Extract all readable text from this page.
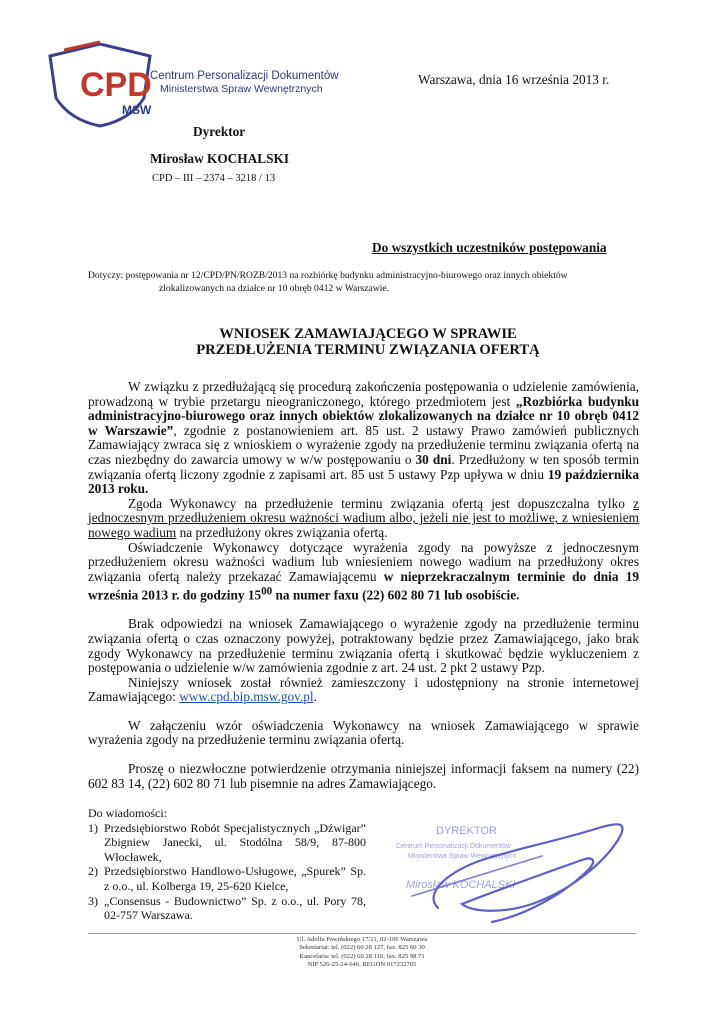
CPD
MSW
Centrum Personalizacji Dokumentów
Ministerstwa Spraw Wewnętrznych
Warszawa, dnia 16 września 2013 r.
Dyrektor
Mirosław KOCHALSKI
CPD – III – 2374 – 3218 / 13
Do wszystkich uczestników postępowania
Dotyczy: postępowania nr 12/CPD/PN/ROZB/2013 na rozbiórkę budynku administracyjno-biurowego oraz innych obiektów
zlokalizowanych na działce nr 10 obręb 0412 w Warszawie.
WNIOSEK ZAMAWIAJĄCEGO W SPRAWIE
PRZEDŁUŻENIA TERMINU ZWIĄZANIA OFERTĄ

W związku z przedłużającą się procedurą zakończenia postępowania o udzielenie zamówienia, prowadzoną w trybie przetargu nieograniczonego, którego przedmiotem jest „Rozbiórka budynku administracyjno-biurowego oraz innych obiektów zlokalizowanych na działce nr 10 obręb 0412 w Warszawie”, zgodnie z postanowieniem art. 85 ust. 2 ustawy Prawo zamówień publicznych Zamawiający zwraca się z wnioskiem o wyrażenie zgody na przedłużenie terminu związania ofertą na czas niezbędny do zawarcia umowy w w/w postępowaniu o 30 dni. Przedłużony w ten sposób termin związania ofertą liczony zgodnie z zapisami art. 85 ust 5 ustawy Pzp upływa w dniu 19 października 2013 roku.

Zgoda Wykonawcy na przedłużenie terminu związania ofertą jest dopuszczalna tylko z jednoczesnym przedłużeniem okresu ważności wadium albo, jeżeli nie jest to możliwe, z wniesieniem nowego wadium na przedłużony okres związania ofertą.

Oświadczenie Wykonawcy dotyczące wyrażenia zgody na powyższe z jednoczesnym przedłużeniem okresu ważności wadium lub wniesieniem nowego wadium na przedłużony okres związania ofertą należy przekazać Zamawiającemu w nieprzekraczalnym terminie do dnia 19 września 2013 r. do godziny $15^{00}$ na numer faxu (22) 602 80 71 lub osobiście.

Brak odpowiedzi na wniosek Zamawiającego o wyrażenie zgody na przedłużenie terminu związania ofertą o czas oznaczony powyżej, potraktowany będzie przez Zamawiającego, jako brak zgody Wykonawcy na przedłużenie terminu związania ofertą i skutkować będzie wykluczeniem z postępowania o udzielenie w/w zamówienia zgodnie z art. 24 ust. 2 pkt 2 ustawy Pzp.

Niniejszy wniosek został również zamieszczony i udostępniony na stronie internetowej Zamawiającego: www.cpd.bip.msw.gov.pl.

W załączeniu wzór oświadczenia Wykonawcy na wniosek Zamawiającego w sprawie wyrażenia zgody na przedłużenie terminu związania ofertą.

Proszę o niezwłoczne potwierdzenie otrzymania niniejszej informacji faksem na numery (22) 602 83 14, (22) 602 80 71 lub pisemnie na adres Zamawiającego.

Do wiadomości:
1) Przedsiębiorstwo Robót Specjalistycznych „Dźwigar” Zbigniew Janecki, ul. Stodólna 58/9, 87-800 Włocławek,
2) Przedsiębiorstwo Handlowo-Usługowe, „Spurek” Sp. z o.o., ul. Kolberga 19, 25-620 Kielce,
3) „Consensus - Budownictwo” Sp. z o.o., ul. Pory 78, 02-757 Warszawa.
DYREKTOR
Centrum Personalizacji Dokumentów
Ministerstwa Spraw Wewnętrznych
Mirosław KOCHALSKI
Ul. Adolfa Pawińskiego 17/21, 02-106 Warszawa
Sekretariat: tel. (022) 60 28 127, fax. 825 60 30
Kancelaria: tel. (022) 60 28 110, fax. 825 98 71
NIP 526-25-24-646, REGON 017232705
